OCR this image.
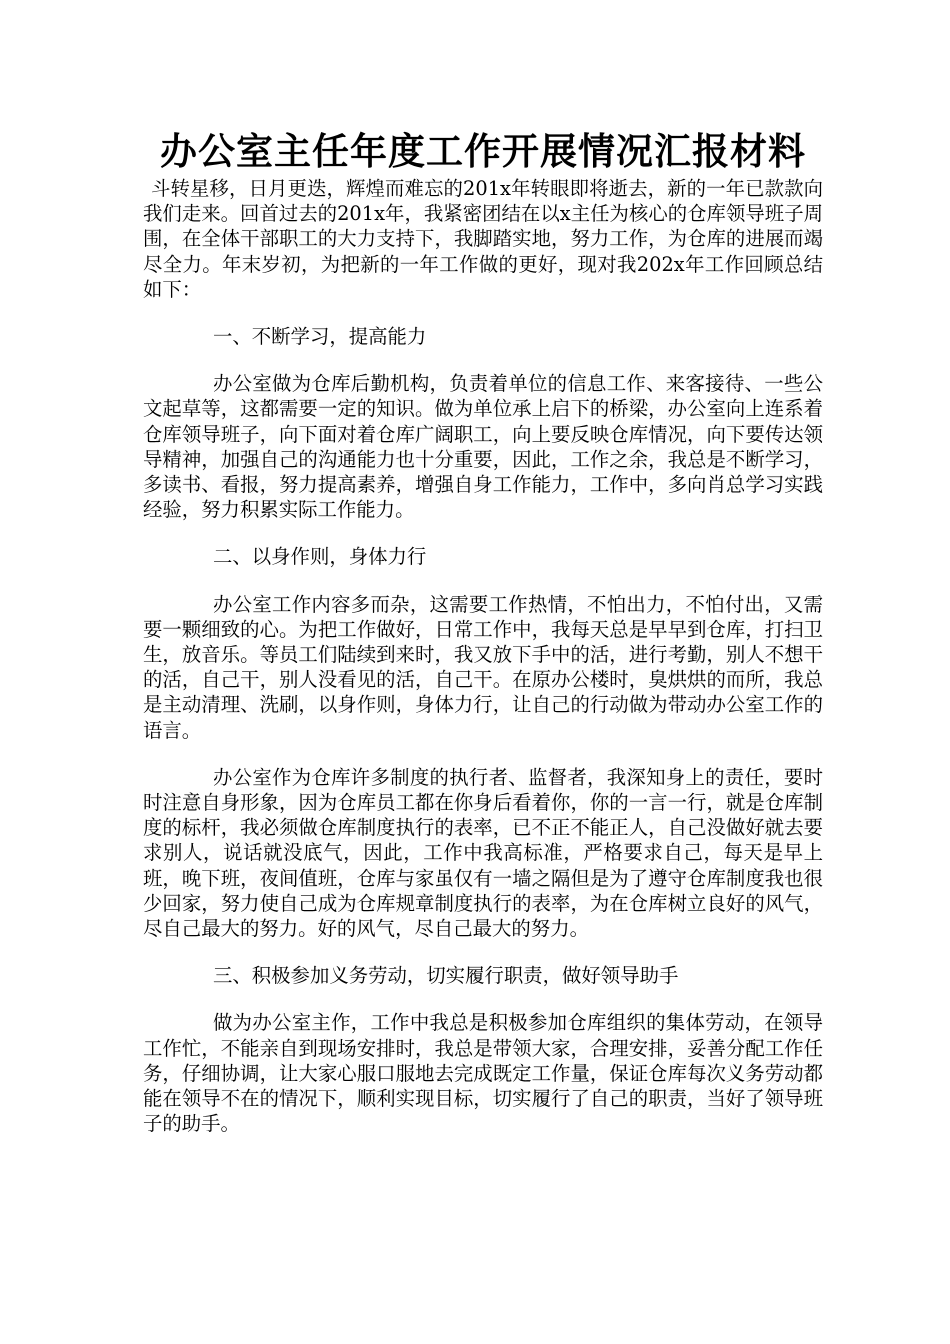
办公室主任年度工作开展情况汇报材料

斗转星移，日月更迭，辉煌而难忘的201x年转眼即将逝去，新的一年已款款向我们走来。回首过去的201x年，我紧密团结在以x主任为核心的仓库领导班子周围，在全体干部职工的大力支持下，我脚踏实地，努力工作，为仓库的进展而竭尽全力。年末岁初，为把新的一年工作做的更好，现对我202x年工作回顾总结如下：

一、不断学习，提高能力

办公室做为仓库后勤机构，负责着单位的信息工作、来客接待、一些公文起草等，这都需要一定的知识。做为单位承上启下的桥梁，办公室向上连系着仓库领导班子，向下面对着仓库广阔职工，向上要反映仓库情况，向下要传达领导精神，加强自己的沟通能力也十分重要，因此，工作之余，我总是不断学习，多读书、看报，努力提高素养，增强自身工作能力，工作中，多向肖总学习实践经验，努力积累实际工作能力。

二、以身作则，身体力行

办公室工作内容多而杂，这需要工作热情，不怕出力，不怕付出，又需要一颗细致的心。为把工作做好，日常工作中，我每天总是早早到仓库，打扫卫生，放音乐。等员工们陆续到来时，我又放下手中的活，进行考勤，别人不想干的活，自己干，别人没看见的活，自己干。在原办公楼时，臭烘烘的而所，我总是主动清理、洗刷，以身作则，身体力行，让自己的行动做为带动办公室工作的语言。

办公室作为仓库许多制度的执行者、监督者，我深知身上的责任，要时时注意自身形象，因为仓库员工都在你身后看着你，你的一言一行，就是仓库制度的标杆，我必须做仓库制度执行的表率，已不正不能正人，自己没做好就去要求别人，说话就没底气，因此，工作中我高标准，严格要求自己，每天是早上班，晚下班，夜间值班，仓库与家虽仅有一墙之隔但是为了遵守仓库制度我也很少回家，努力使自己成为仓库规章制度执行的表率，为在仓库树立良好的风气，尽自己最大的努力。好的风气，尽自己最大的努力。

三、积极参加义务劳动，切实履行职责，做好领导助手

做为办公室主作，工作中我总是积极参加仓库组织的集体劳动，在领导工作忙，不能亲自到现场安排时，我总是带领大家，合理安排，妥善分配工作任务，仔细协调，让大家心服口服地去完成既定工作量，保证仓库每次义务劳动都能在领导不在的情况下，顺利实现目标，切实履行了自己的职责，当好了领导班子的助手。
